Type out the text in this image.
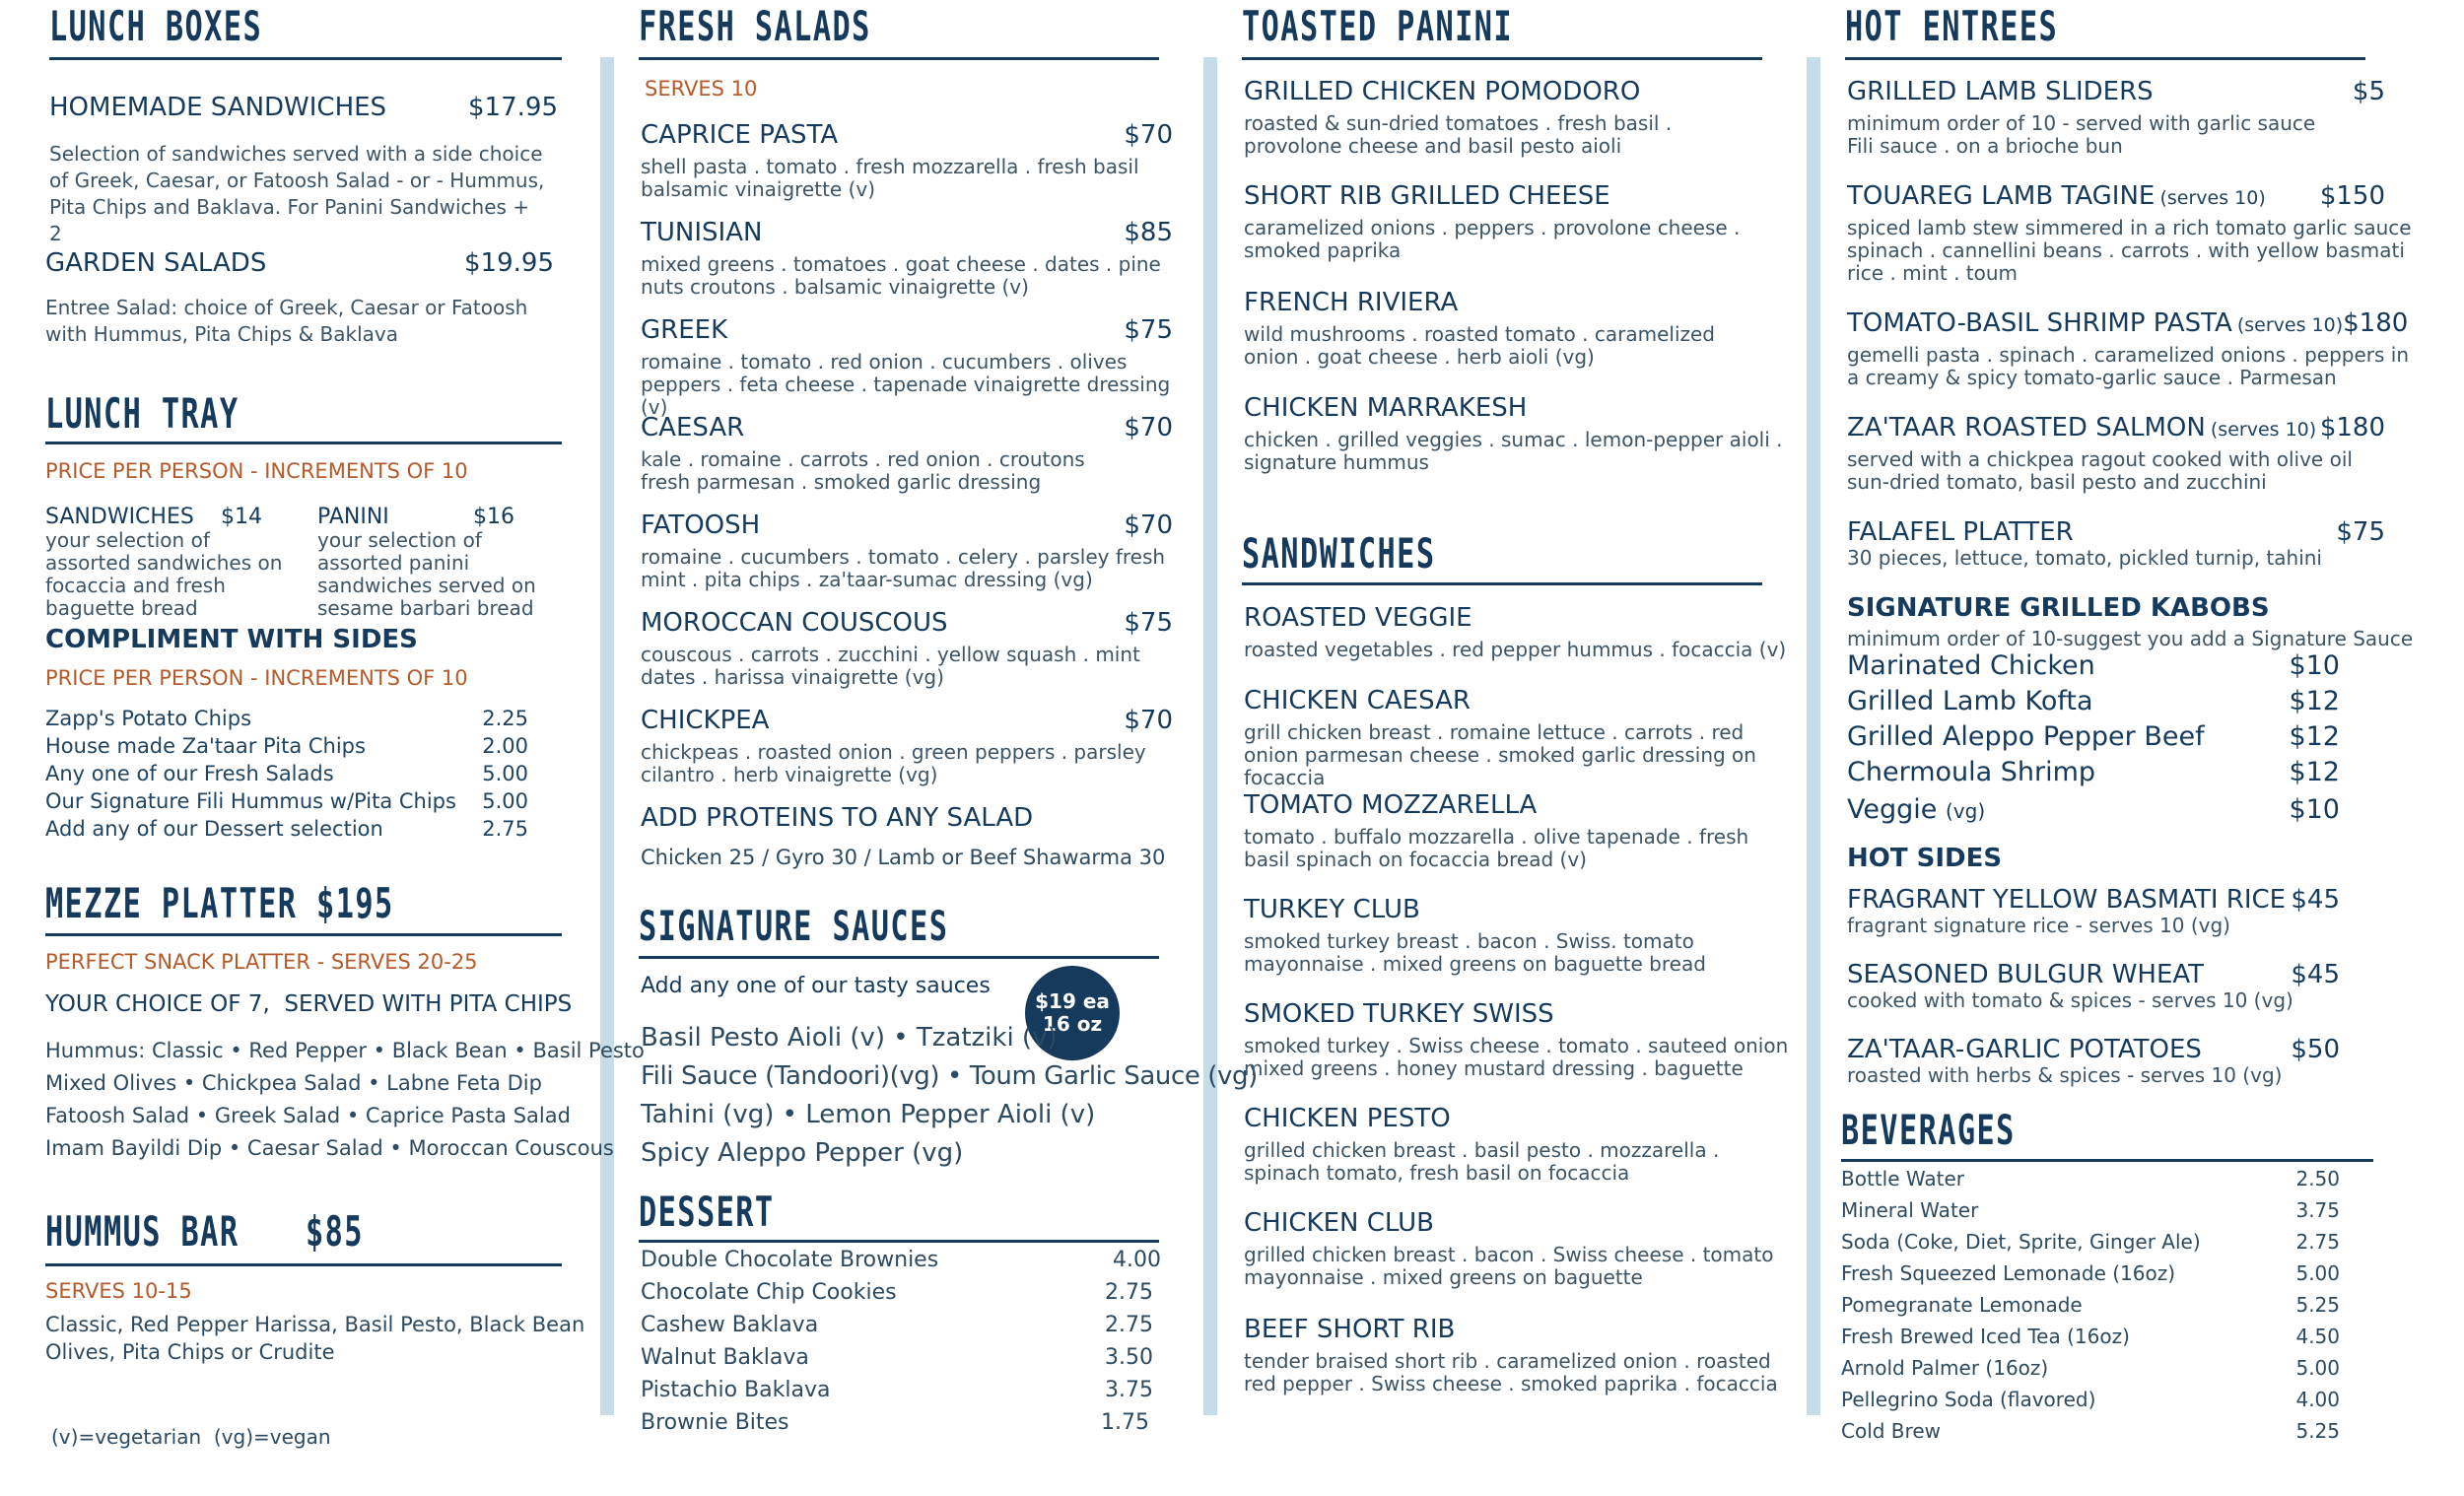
LUNCH BOXES
HOMEMADE SANDWICHES	$17.95
Selection of sandwiches served with a side choice of Greek, Caesar, or Fatoosh Salad - or - Hummus, Pita Chips and Baklava. For Panini Sandwiches + 2
GARDEN SALADS	$19.95
Entree Salad: choice of Greek, Caesar or Fatoosh with Hummus, Pita Chips & Baklava
LUNCH TRAY
PRICE PER PERSON - INCREMENTS OF 10
SANDWICHES $14
your selection of assorted sandwiches on focaccia and fresh baguette bread
PANINI	$16
your selection of assorted panini sandwiches served on sesame barbari bread
COMPLIMENT WITH SIDES
PRICE PER PERSON - INCREMENTS OF 10
Zapp's Potato Chips	2.25
House made Za'taar Pita Chips	2.00
Any one of our Fresh Salads	5.00
Our Signature Fili Hummus w/Pita Chips 5.00
Add any of our Dessert selection	2.75
MEZZE PLATTER $195
PERFECT SNACK PLATTER - SERVES 20-25
YOUR CHOICE OF 7,  SERVED WITH PITA CHIPS
Hummus: Classic • Red Pepper • Black Bean • Basil Pesto
Mixed Olives • Chickpea Salad • Labne Feta Dip
Fatoosh Salad • Greek Salad • Caprice Pasta Salad
Imam Bayildi Dip • Caesar Salad • Moroccan Couscous
HUMMUS BAR $85
SERVES 10-15
Classic, Red Pepper Harissa, Basil Pesto, Black Bean
Olives, Pita Chips or Crudite
(v)=vegetarian  (vg)=vegan
FRESH SALADS
SERVES 10
CAPRICE PASTA	$70
shell pasta . tomato . fresh mozzarella . fresh basil balsamic vinaigrette (v)
TUNISIAN	$85
mixed greens . tomatoes . goat cheese . dates . pine nuts croutons . balsamic vinaigrette (v)
GREEK	$75
romaine . tomato . red onion . cucumbers . olives peppers . feta cheese . tapenade vinaigrette dressing (v)
CAESAR	$70
kale . romaine . carrots . red onion . croutons fresh parmesan . smoked garlic dressing
FATOOSH	$70
romaine . cucumbers . tomato . celery . parsley fresh mint . pita chips . za'taar-sumac dressing (vg)
MOROCCAN COUSCOUS	$75
couscous . carrots . zucchini . yellow squash . mint dates . harissa vinaigrette (vg)
CHICKPEA	$70
chickpeas . roasted onion . green peppers . parsley cilantro . herb vinaigrette (vg)
ADD PROTEINS TO ANY SALAD
Chicken 25 / Gyro 30 / Lamb or Beef Shawarma 30
SIGNATURE SAUCES
Add any one of our tasty sauces
$19 ea
16 oz
Basil Pesto Aioli (v) • Tzatziki (v)
Fili Sauce (Tandoori)(vg) • Toum Garlic Sauce (vg)
Tahini (vg) • Lemon Pepper Aioli (v)
Spicy Aleppo Pepper (vg)
DESSERT
Double Chocolate Brownies	4.00
Chocolate Chip Cookies	2.75
Cashew Baklava	2.75
Walnut Baklava	3.50
Pistachio Baklava	3.75
Brownie Bites	1.75
TOASTED PANINI
GRILLED CHICKEN POMODORO
roasted & sun-dried tomatoes . fresh basil . provolone cheese and basil pesto aioli
SHORT RIB GRILLED CHEESE
caramelized onions . peppers . provolone cheese . smoked paprika
FRENCH RIVIERA
wild mushrooms . roasted tomato . caramelized onion . goat cheese . herb aioli (vg)
CHICKEN MARRAKESH
chicken . grilled veggies . sumac . lemon-pepper aioli . signature hummus
SANDWICHES
ROASTED VEGGIE
roasted vegetables . red pepper hummus . focaccia (v)
CHICKEN CAESAR
grill chicken breast . romaine lettuce . carrots . red onion parmesan cheese . smoked garlic dressing on focaccia
TOMATO MOZZARELLA
tomato . buffalo mozzarella . olive tapenade . fresh basil spinach on focaccia bread (v)
TURKEY CLUB
smoked turkey breast . bacon . Swiss. tomato mayonnaise . mixed greens on baguette bread
SMOKED TURKEY SWISS
smoked turkey . Swiss cheese . tomato . sauteed onion mixed greens . honey mustard dressing . baguette
CHICKEN PESTO
grilled chicken breast . basil pesto . mozzarella . spinach tomato, fresh basil on focaccia
CHICKEN CLUB
grilled chicken breast . bacon . Swiss cheese . tomato mayonnaise . mixed greens on baguette
BEEF SHORT RIB
tender braised short rib . caramelized onion . roasted red pepper . Swiss cheese . smoked paprika . focaccia
HOT ENTREES
GRILLED LAMB SLIDERS	$5
minimum order of 10 - served with garlic sauce Fili sauce . on a brioche bun
TOUAREG LAMB TAGINE (serves 10) $150
spiced lamb stew simmered in a rich tomato garlic sauce spinach . cannellini beans . carrots . with yellow basmati rice . mint . toum
TOMATO-BASIL SHRIMP PASTA (serves 10) $180
gemelli pasta . spinach . caramelized onions . peppers in a creamy & spicy tomato-garlic sauce . Parmesan
ZA'TAAR ROASTED SALMON (serves 10) $180
served with a chickpea ragout cooked with olive oil sun-dried tomato, basil pesto and zucchini
FALAFEL PLATTER	$75
30 pieces, lettuce, tomato, pickled turnip, tahini
SIGNATURE GRILLED KABOBS
minimum order of 10-suggest you add a Signature Sauce
Marinated Chicken	$10
Grilled Lamb Kofta	$12
Grilled Aleppo Pepper Beef	$12
Chermoula Shrimp	$12
Veggie (vg)	$10
HOT SIDES
FRAGRANT YELLOW BASMATI RICE $45
fragrant signature rice - serves 10 (vg)
SEASONED BULGUR WHEAT	$45
cooked with tomato & spices - serves 10 (vg)
ZA'TAAR-GARLIC POTATOES	$50
roasted with herbs & spices - serves 10 (vg)
BEVERAGES
Bottle Water	2.50
Mineral Water	3.75
Soda (Coke, Diet, Sprite, Ginger Ale)	2.75
Fresh Squeezed Lemonade (16oz)	5.00
Pomegranate Lemonade	5.25
Fresh Brewed Iced Tea (16oz)	4.50
Arnold Palmer (16oz)	5.00
Pellegrino Soda (flavored)	4.00
Cold Brew	5.25
